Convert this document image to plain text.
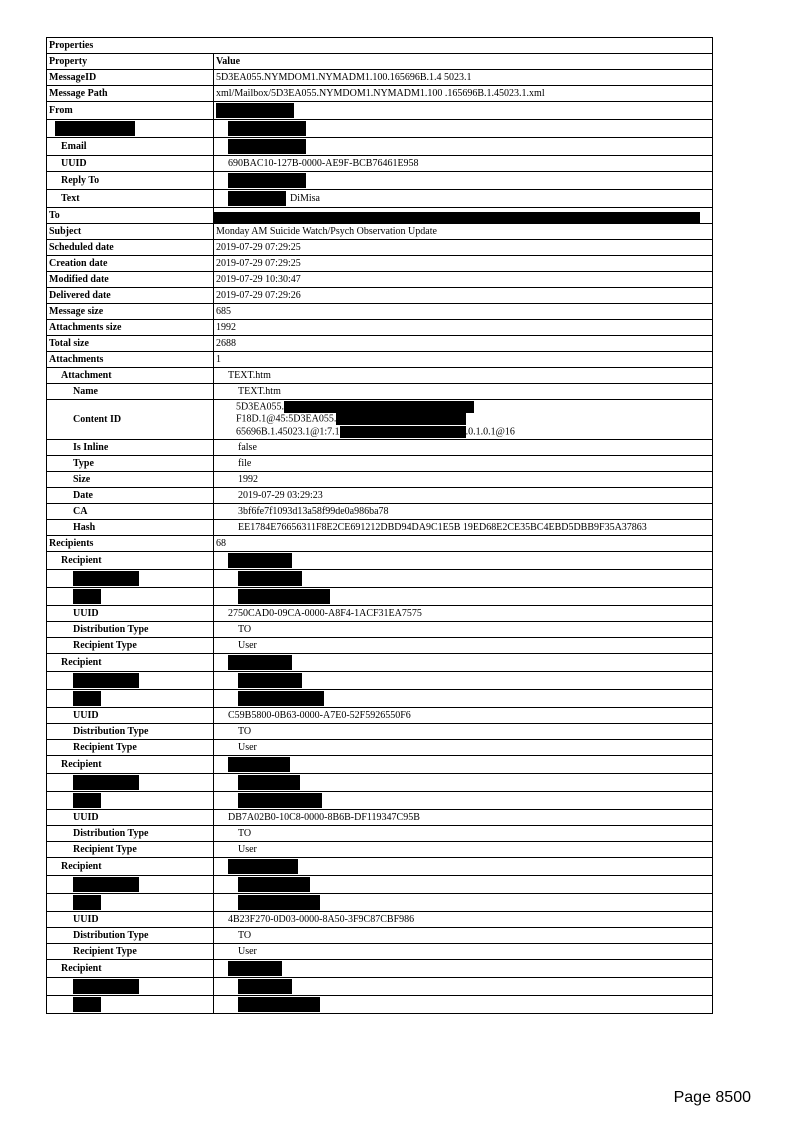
Properties	
Property	Value
MessageID	5D3EA055.NYMDOM1.NYMADM1.100.165696B.1.4 5023.1
Message Path	xml/Mailbox/5D3EA055.NYMDOM1.NYMADM1.100 .165696B.1.45023.1.xml
From	

Email	
UUID	690BAC10-127B-0000-AE9F-BCB76461E958
Reply To	
Text	DiMisa
To	

Subject	Monday AM Suicide Watch/Psych Observation Update
Scheduled date	2019-07-29 07:29:25
Creation date	2019-07-29 07:29:25
Modified date	2019-07-29 10:30:47
Delivered date	2019-07-29 07:29:26
Message size	685
Attachments size	1992
Total size	2688
Attachments	1
Attachment	TEXT.htm
Name	TEXT.htm
Content ID	5D3EA055.
F18D.1@45:5D3EA055.
65696B.1.45023.1@1:7.1 .0.1.0.1@16

Is Inline	false
Type	file
Size	1992
Date	2019-07-29 03:29:23
CA	3bf6fe7f1093d13a58f99de0a986ba78
Hash	EE1784E76656311F8E2CE691212DBD94DA9C1E5B 19ED68E2CE35BC4EBD5DBB9F35A37863
Recipients	68
Recipient	

UUID	2750CAD0-09CA-0000-A8F4-1ACF31EA7575
Distribution Type	TO
Recipient Type	User
Recipient	

UUID	C59B5800-0B63-0000-A7E0-52F5926550F6
Distribution Type	TO
Recipient Type	User
Recipient	

UUID	DB7A02B0-10C8-0000-8B6B-DF119347C95B
Distribution Type	TO
Recipient Type	User
Recipient	

UUID	4B23F270-0D03-0000-8A50-3F9C87CBF986
Distribution Type	TO
Recipient Type	User
Recipient	

Page 8500
